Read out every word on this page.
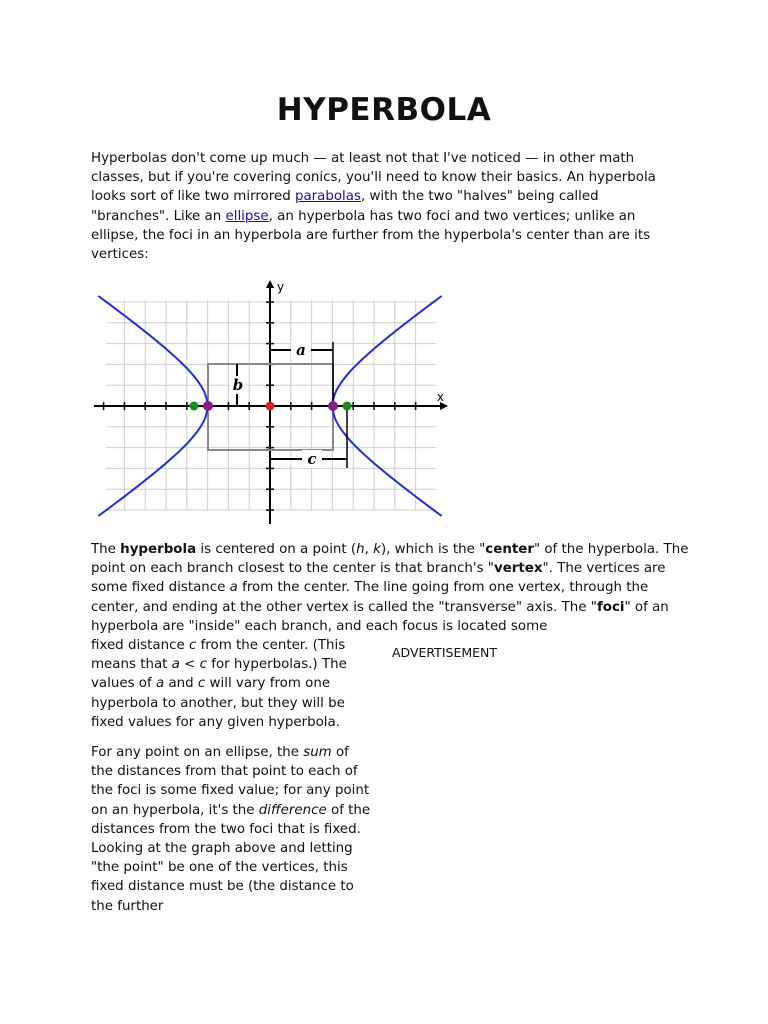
HYPERBOLA

Hyperbolas don't come up much — at least not that I've noticed — in other math classes, but if you're covering conics, you'll need to know their basics. An hyperbola looks sort of like two mirrored parabolas, with the two "halves" being called "branches". Like an ellipse, an hyperbola has two foci and two vertices; unlike an ellipse, the foci in an hyperbola are further from the hyperbola's center than are its vertices:

y
x
a
b
c

The hyperbola is centered on a point (h, k), which is the "center" of the hyperbola. The point on each branch closest to the center is that branch's "vertex". The vertices are some fixed distance a from the center. The line going from one vertex, through the center, and ending at the other vertex is called the "transverse" axis. The "foci" of an hyperbola are "inside" each branch, and each focus is located some

fixed distance c from the center. (This means that a < c for hyperbolas.) The values of a and c will vary from one hyperbola to another, but they will be fixed values for any given hyperbola.

ADVERTISEMENT

For any point on an ellipse, the sum of the distances from that point to each of the foci is some fixed value; for any point on an hyperbola, it's the difference of the distances from the two foci that is fixed. Looking at the graph above and letting "the point" be one of the vertices, this fixed distance must be (the distance to the further
